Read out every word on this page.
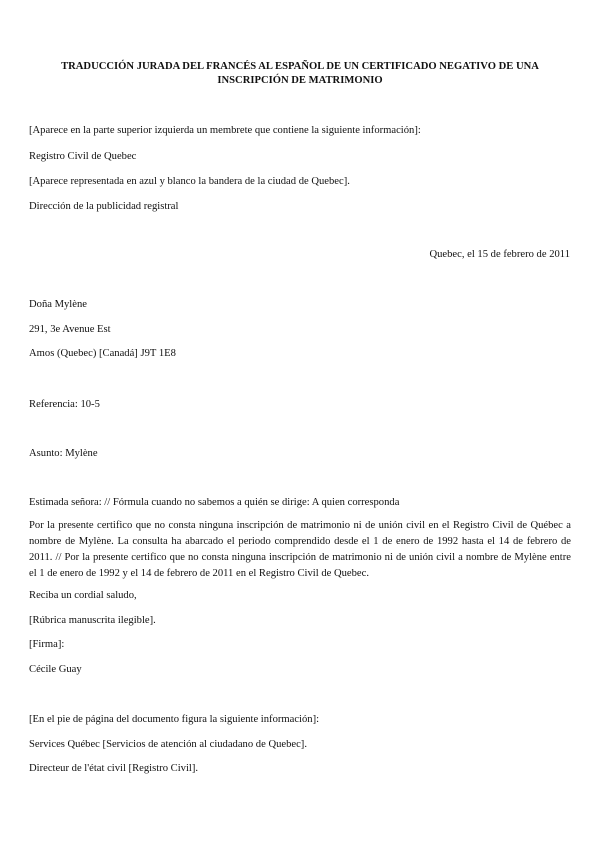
TRADUCCIÓN JURADA DEL FRANCÉS AL ESPAÑOL DE UN CERTIFICADO NEGATIVO DE UNA INSCRIPCIÓN DE MATRIMONIO
[Aparece en la parte superior izquierda un membrete que contiene la siguiente información]:
Registro Civil de Quebec
[Aparece representada en azul y blanco la bandera de la ciudad de Quebec].
Dirección de la publicidad registral
Quebec, el 15 de febrero de 2011
Doña Mylène
291, 3e Avenue Est
Amos (Quebec) [Canadá] J9T 1E8
Referencia: 10-5
Asunto: Mylène
Estimada señora: // Fórmula cuando no sabemos a quién se dirige: A quien corresponda
Por la presente certifico que no consta ninguna inscripción de matrimonio ni de unión civil en el Registro Civil de Québec a nombre de Mylène. La consulta ha abarcado el periodo comprendido desde el 1 de enero de 1992 hasta el 14 de febrero de 2011. // Por la presente certifico que no consta ninguna inscripción de matrimonio ni de unión civil a nombre de Mylène entre el 1 de enero de 1992 y el 14 de febrero de 2011 en el Registro Civil de Quebec.
Reciba un cordial saludo,
[Rúbrica manuscrita ilegible].
[Firma]:
Cécile Guay
[En el pie de página del documento figura la siguiente información]:
Services Québec [Servicios de atención al ciudadano de Quebec].
Directeur de l'état civil [Registro Civil].
